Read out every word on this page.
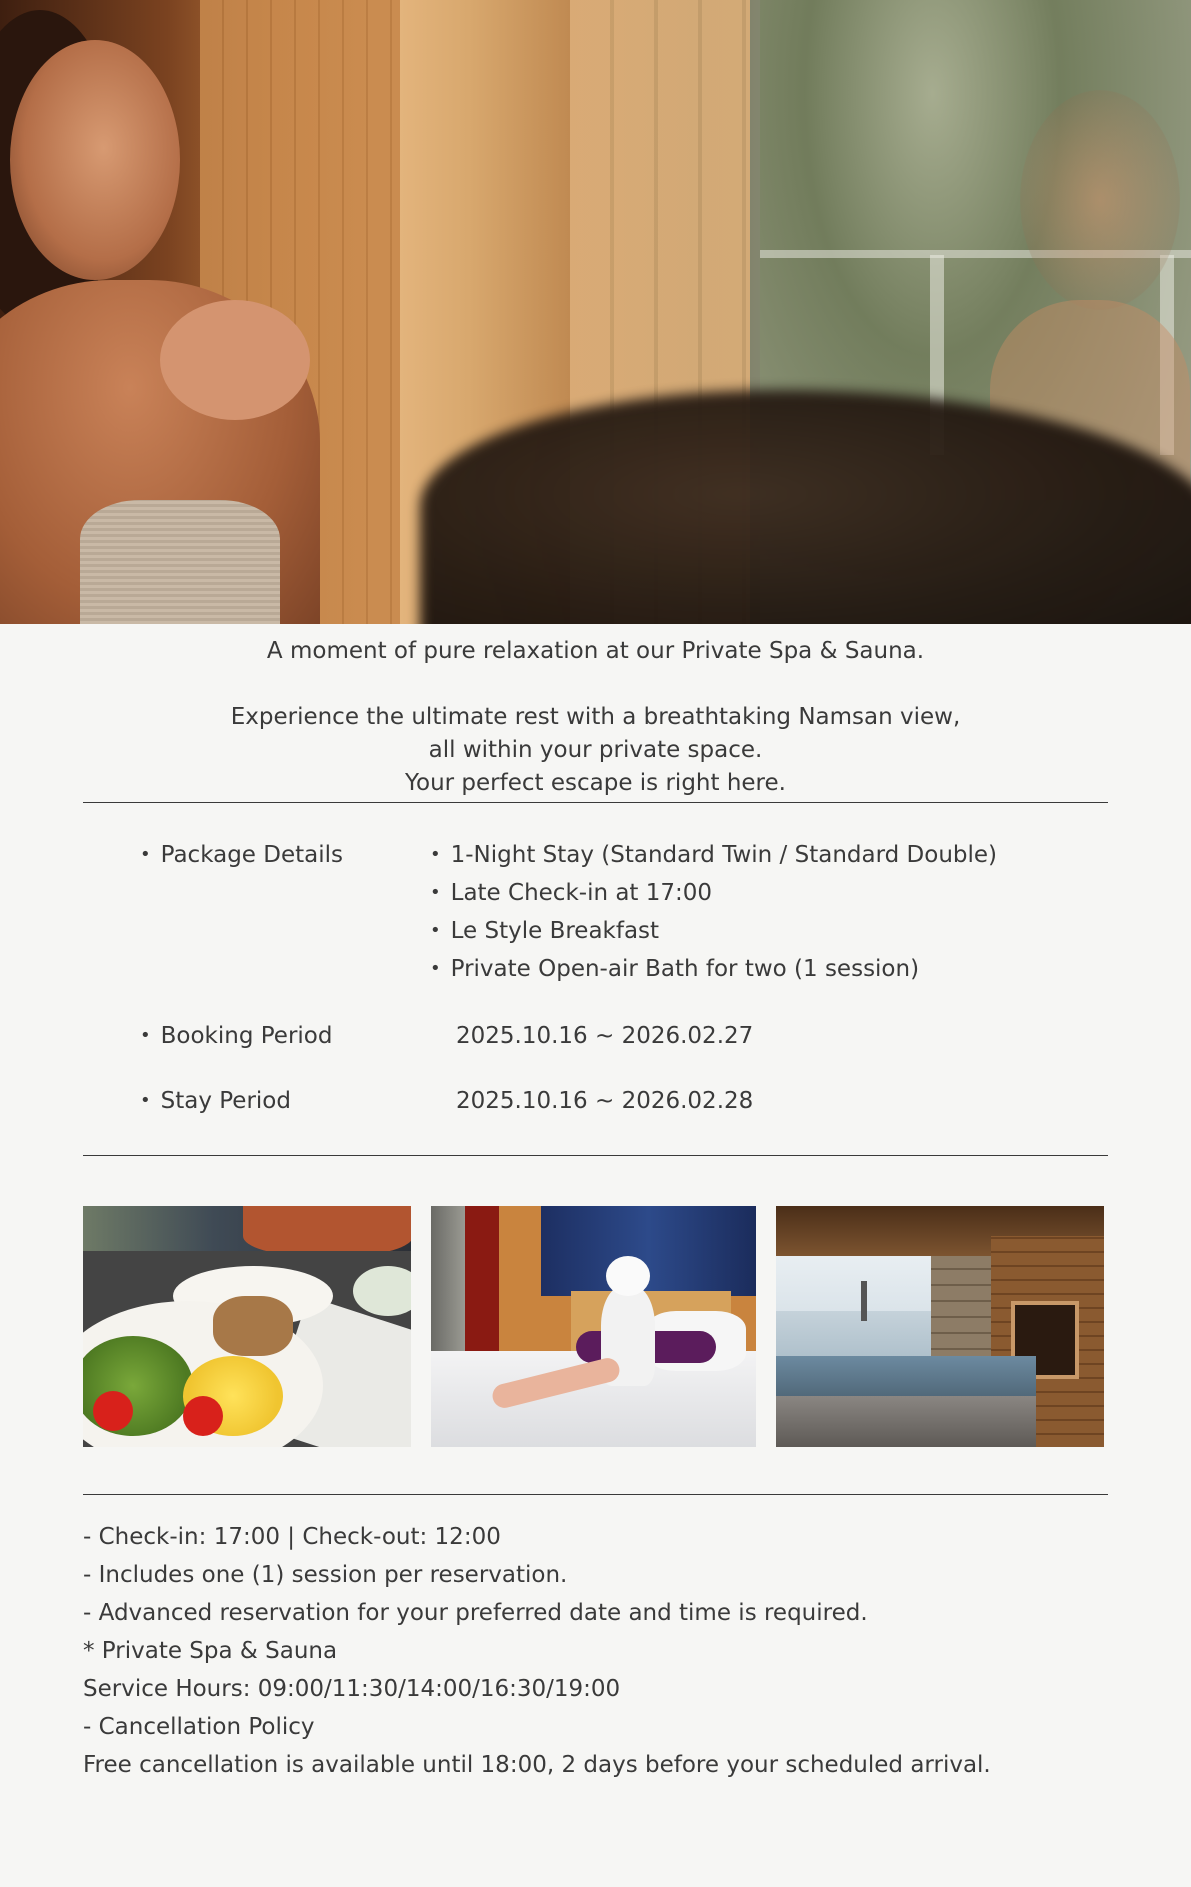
A moment of pure relaxation at our Private Spa & Sauna.

Experience the ultimate rest with a breathtaking Namsan view,
all within your private space.
Your perfect escape is right here.
• Package Details
•	1-Night Stay (Standard Twin / Standard Double)
• Late Check-in at 17:00
• Le Style Breakfast
• Private Open-air Bath for two (1 session)
• Booking Period	2025.10.16 ~ 2026.02.27
• Stay Period	2025.10.16 ~ 2026.02.28

- Check-in: 17:00 | Check-out: 12:00

- Includes one (1) session per reservation.

- Advanced reservation for your preferred date and time is required.

* Private Spa & Sauna

Service Hours: 09:00/11:30/14:00/16:30/19:00

- Cancellation Policy

Free cancellation is available until 18:00, 2 days before your scheduled arrival.
